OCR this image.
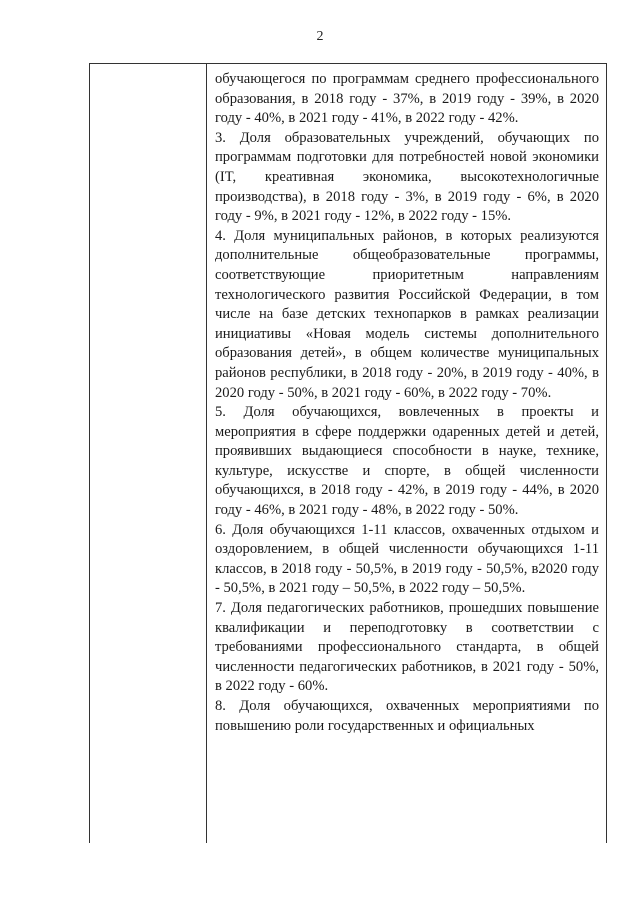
2

обучающегося по программам среднего профессионального образования, в 2018 году - 37%, в 2019 году - 39%, в 2020 году - 40%, в 2021 году - 41%, в 2022 году - 42%.

3. Доля образовательных учреждений, обучающих по программам подготовки для потребностей новой экономики (IT, креативная экономика, высокотехнологичные производства), в 2018 году - 3%, в 2019 году - 6%, в 2020 году - 9%, в 2021 году - 12%, в 2022 году - 15%.

4. Доля муниципальных районов, в которых реализуются дополнительные общеобразовательные программы, соответствующие приоритетным направлениям технологического развития Российской Федерации, в том числе на базе детских технопарков в рамках реализации инициативы «Новая модель системы дополнительного образования детей», в общем количестве муниципальных районов республики, в 2018 году - 20%, в 2019 году - 40%, в 2020 году - 50%, в 2021 году - 60%, в 2022 году - 70%.

5. Доля обучающихся, вовлеченных в проекты и мероприятия в сфере поддержки одаренных детей и детей, проявивших выдающиеся способности в науке, технике, культуре, искусстве и спорте, в общей численности обучающихся, в 2018 году - 42%, в 2019 году - 44%, в 2020 году - 46%, в 2021 году - 48%, в 2022 году - 50%.

6. Доля обучающихся 1-11 классов, охваченных отдыхом и оздоровлением, в общей численности обучающихся 1-11 классов, в 2018 году - 50,5%, в 2019 году - 50,5%, в2020 году - 50,5%, в 2021 году – 50,5%, в 2022 году – 50,5%.

7. Доля педагогических работников, прошедших повышение квалификации и переподготовку в соответствии с требованиями профессионального стандарта, в общей численности педагогических работников, в 2021 году - 50%, в 2022 году - 60%.

8. Доля обучающихся, охваченных мероприятиями по повышению роли государственных и официальных
